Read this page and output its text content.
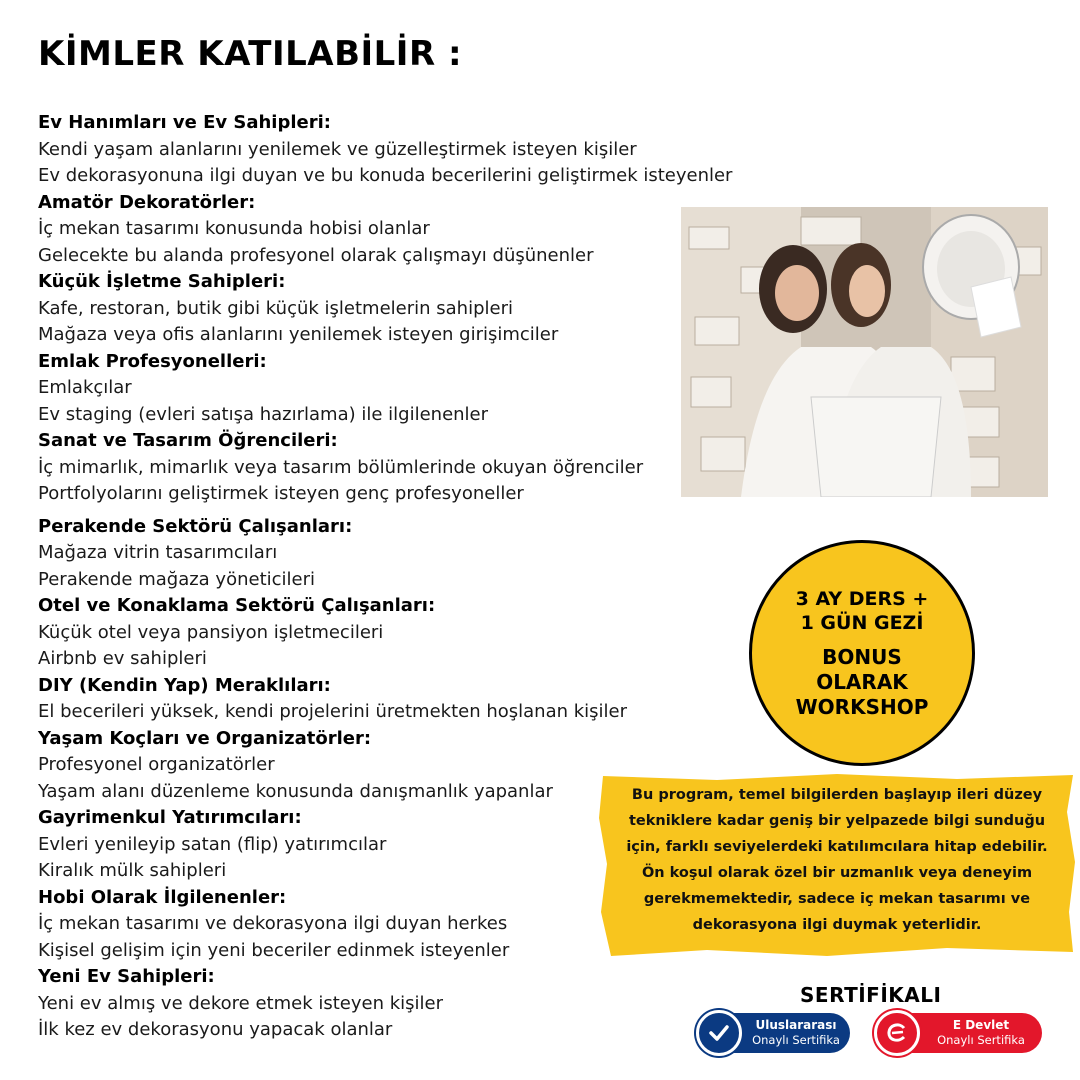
KİMLER KATILABİLİR :
Ev Hanımları ve Ev Sahipleri:
Kendi yaşam alanlarını yenilemek ve güzelleştirmek isteyen kişiler
Ev dekorasyonuna ilgi duyan ve bu konuda becerilerini geliştirmek isteyenler
Amatör Dekoratörler:
İç mekan tasarımı konusunda hobisi olanlar
Gelecekte bu alanda profesyonel olarak çalışmayı düşünenler
Küçük İşletme Sahipleri:
Kafe, restoran, butik gibi küçük işletmelerin sahipleri
Mağaza veya ofis alanlarını yenilemek isteyen girişimciler
Emlak Profesyonelleri:
Emlakçılar
Ev staging (evleri satışa hazırlama) ile ilgilenenler
Sanat ve Tasarım Öğrencileri:
İç mimarlık, mimarlık veya tasarım bölümlerinde okuyan öğrenciler
Portfolyolarını geliştirmek isteyen genç profesyoneller
Perakende Sektörü Çalışanları:
Mağaza vitrin tasarımcıları
Perakende mağaza yöneticileri
Otel ve Konaklama Sektörü Çalışanları:
Küçük otel veya pansiyon işletmecileri
Airbnb ev sahipleri
DIY (Kendin Yap) Meraklıları:
El becerileri yüksek, kendi projelerini üretmekten hoşlanan kişiler
Yaşam Koçları ve Organizatörler:
Profesyonel organizatörler
Yaşam alanı düzenleme konusunda danışmanlık yapanlar
Gayrimenkul Yatırımcıları:
Evleri yenileyip satan (flip) yatırımcılar
Kiralık mülk sahipleri
Hobi Olarak İlgilenenler:
İç mekan tasarımı ve dekorasyona ilgi duyan herkes
Kişisel gelişim için yeni beceriler edinmek isteyenler
Yeni Ev Sahipleri:
Yeni ev almış ve dekore etmek isteyen kişiler
İlk kez ev dekorasyonu yapacak olanlar
3 AY DERS +
1 GÜN GEZİ
BONUS
OLARAK
WORKSHOP
Bu program, temel bilgilerden başlayıp ileri düzey tekniklere kadar geniş bir yelpazede bilgi sunduğu için, farklı seviyelerdeki katılımcılara hitap edebilir. Ön koşul olarak özel bir uzmanlık veya deneyim gerekmemektedir, sadece iç mekan tasarımı ve dekorasyona ilgi duymak yeterlidir.
SERTİFİKALI
Uluslararası
Onaylı Sertifika
E Devlet
Onaylı Sertifika
